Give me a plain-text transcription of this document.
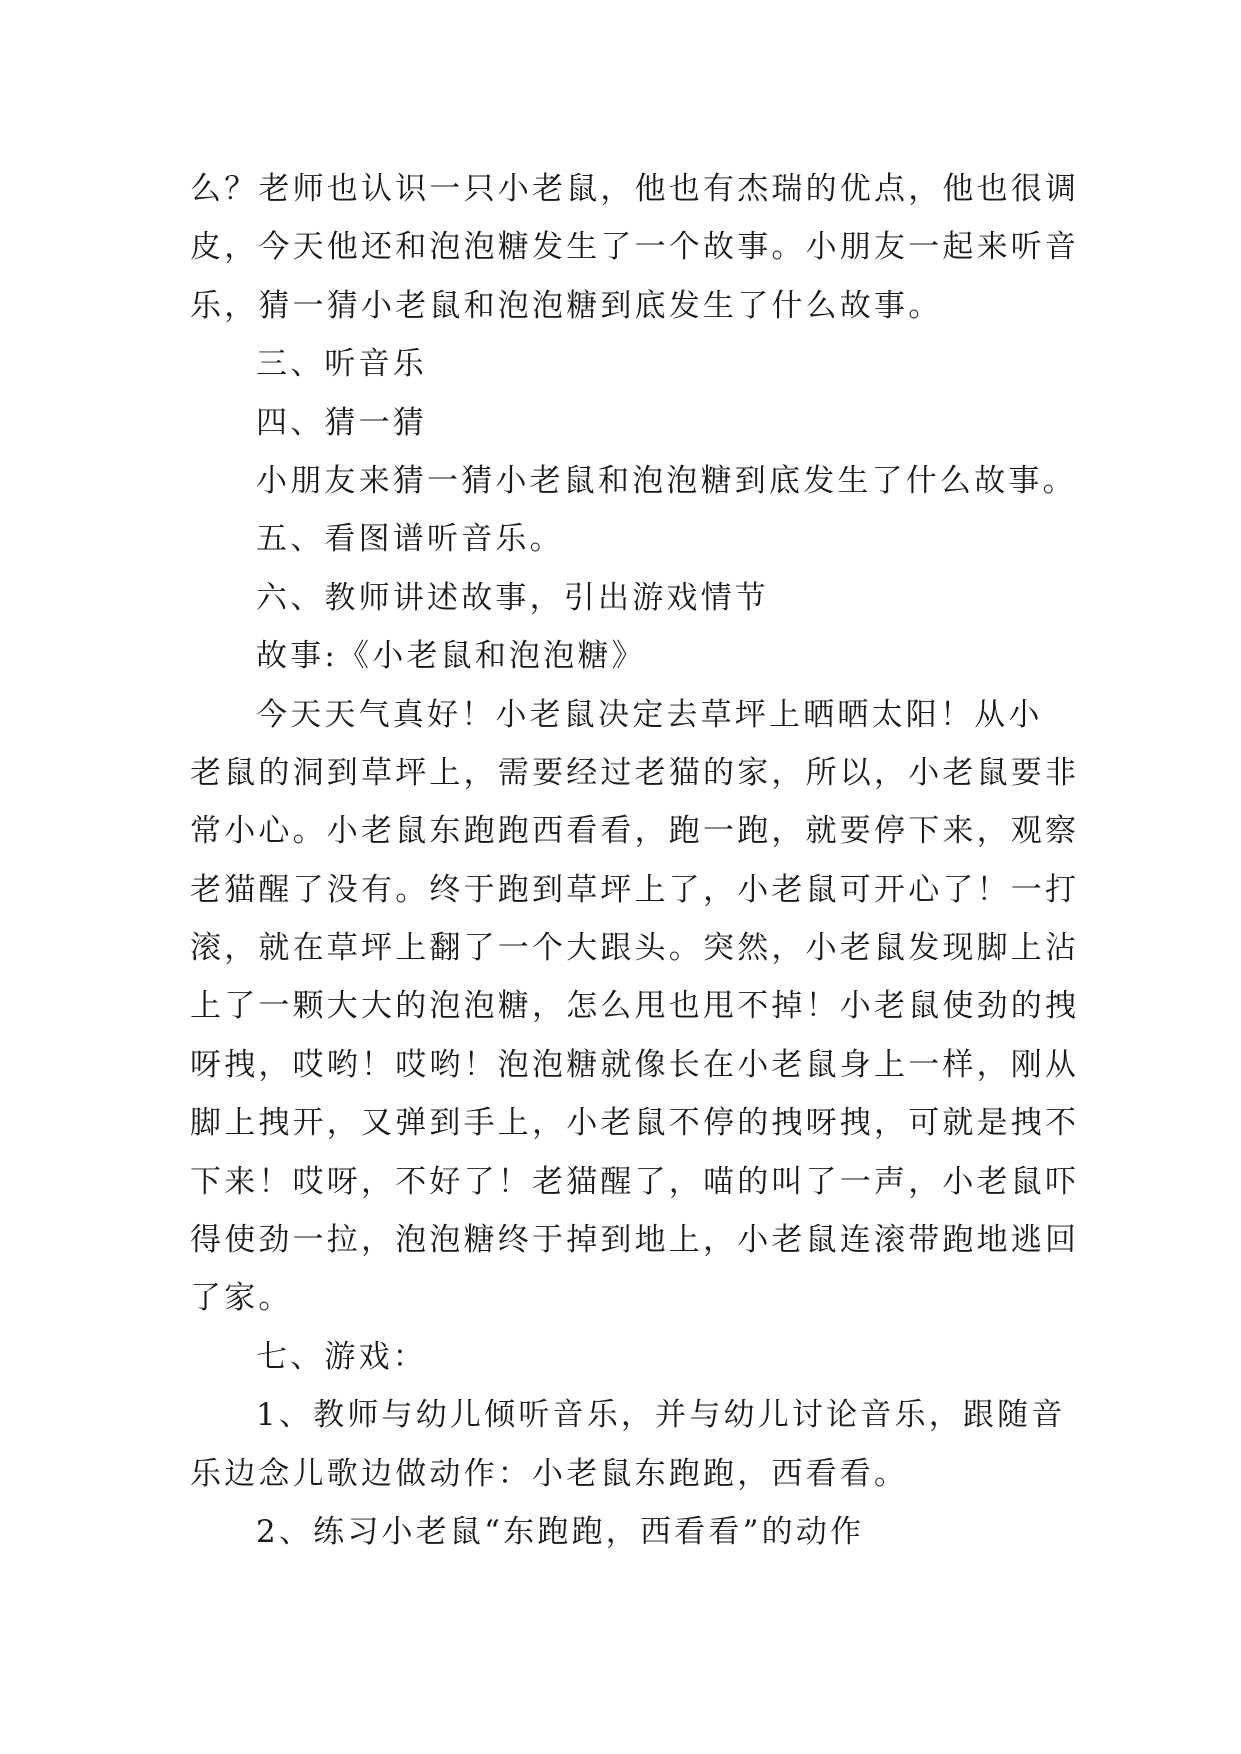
么？老师也认识一只小老鼠，他也有杰瑞的优点，他也很调
皮，今天他还和泡泡糖发生了一个故事。小朋友一起来听音
乐，猜一猜小老鼠和泡泡糖到底发生了什么故事。
三、听音乐
四、猜一猜
小朋友来猜一猜小老鼠和泡泡糖到底发生了什么故事。
五、看图谱听音乐。
六、教师讲述故事，引出游戏情节
故事:《小老鼠和泡泡糖》
今天天气真好！小老鼠决定去草坪上晒晒太阳！从小
老鼠的洞到草坪上，需要经过老猫的家，所以，小老鼠要非
常小心。小老鼠东跑跑西看看，跑一跑，就要停下来，观察
老猫醒了没有。终于跑到草坪上了，小老鼠可开心了！一打
滚，就在草坪上翻了一个大跟头。突然，小老鼠发现脚上沾
上了一颗大大的泡泡糖，怎么甩也甩不掉！小老鼠使劲的拽
呀拽，哎哟！哎哟！泡泡糖就像长在小老鼠身上一样，刚从
脚上拽开，又弹到手上，小老鼠不停的拽呀拽，可就是拽不
下来！哎呀，不好了！老猫醒了，喵的叫了一声，小老鼠吓
得使劲一拉，泡泡糖终于掉到地上，小老鼠连滚带跑地逃回
了家。
七、游戏：
1、教师与幼儿倾听音乐，并与幼儿讨论音乐，跟随音
乐边念儿歌边做动作：小老鼠东跑跑，西看看。
2、练习小老鼠“东跑跑，西看看”的动作
